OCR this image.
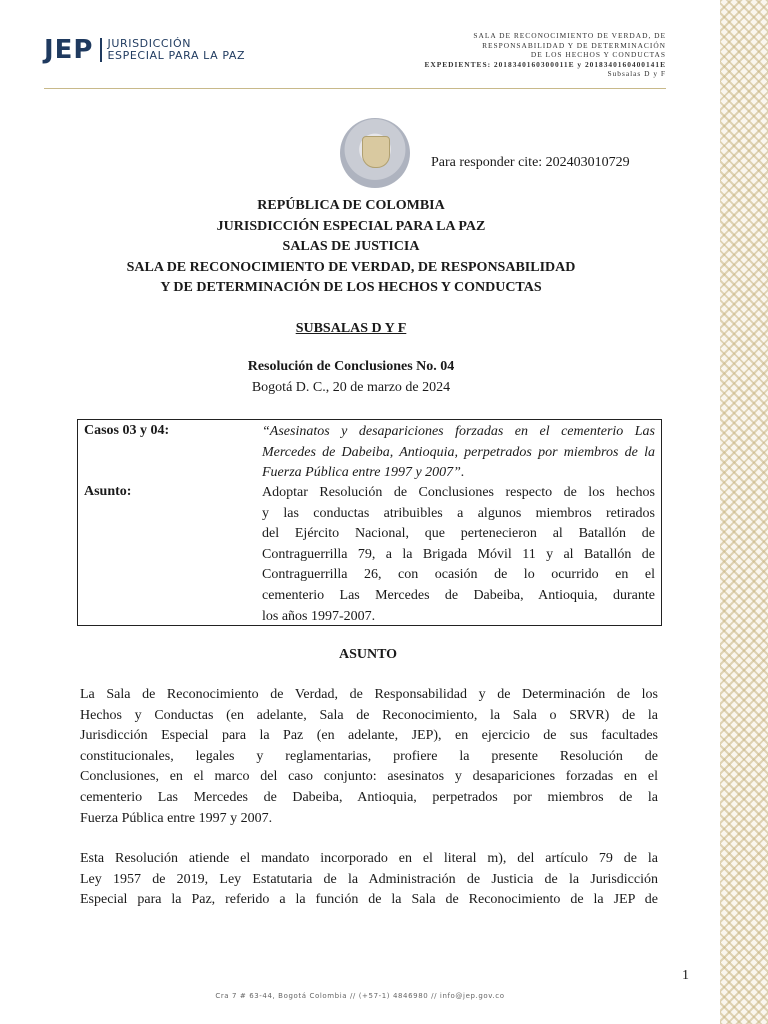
JEP JURISDICCIÓN
ESPECIAL PARA LA PAZ
SALA DE RECONOCIMIENTO DE VERDAD, DE
RESPONSABILIDAD Y DE DETERMINACIÓN
DE LOS HECHOS Y CONDUCTAS
EXPEDIENTES: 2018340160300011E y 2018340160400141E
Subsalas D y F
Para responder cite: 202403010729
REPÚBLICA DE COLOMBIA
JURISDICCIÓN ESPECIAL PARA LA PAZ
SALAS DE JUSTICIA
SALA DE RECONOCIMIENTO DE VERDAD, DE RESPONSABILIDAD
Y DE DETERMINACIÓN DE LOS HECHOS Y CONDUCTAS
SUBSALAS D Y F
Resolución de Conclusiones No. 04
Bogotá D. C., 20 de marzo de 2024
Casos 03 y 04:	“Asesinatos y desapariciones forzadas en el cementerio Las
Mercedes de Dabeiba, Antioquia, perpetrados por miembros de la
Fuerza Pública entre 1997 y 2007”.
Asunto:	Adoptar Resolución de Conclusiones respecto de los hechos
y las conductas atribuibles a algunos miembros retirados
del Ejército Nacional, que pertenecieron al Batallón de
Contraguerrilla 79, a la Brigada Móvil 11 y al Batallón de
Contraguerrilla 26, con ocasión de lo ocurrido en el
cementerio Las Mercedes de Dabeiba, Antioquia, durante
los años 1997-2007.
ASUNTO
La Sala de Reconocimiento de Verdad, de Responsabilidad y de Determinación de los
Hechos y Conductas (en adelante, Sala de Reconocimiento, la Sala o SRVR) de la
Jurisdicción Especial para la Paz (en adelante, JEP), en ejercicio de sus facultades
constitucionales, legales y reglamentarias, profiere la presente Resolución de
Conclusiones, en el marco del caso conjunto: asesinatos y desapariciones forzadas en el
cementerio Las Mercedes de Dabeiba, Antioquia, perpetrados por miembros de la
Fuerza Pública entre 1997 y 2007.
Esta Resolución atiende el mandato incorporado en el literal m), del artículo 79 de la
Ley 1957 de 2019, Ley Estatutaria de la Administración de Justicia de la Jurisdicción
Especial para la Paz, referido a la función de la Sala de Reconocimiento de la JEP de
1
Cra 7 # 63-44, Bogotá Colombia // (+57-1) 4846980 // info@jep.gov.co
